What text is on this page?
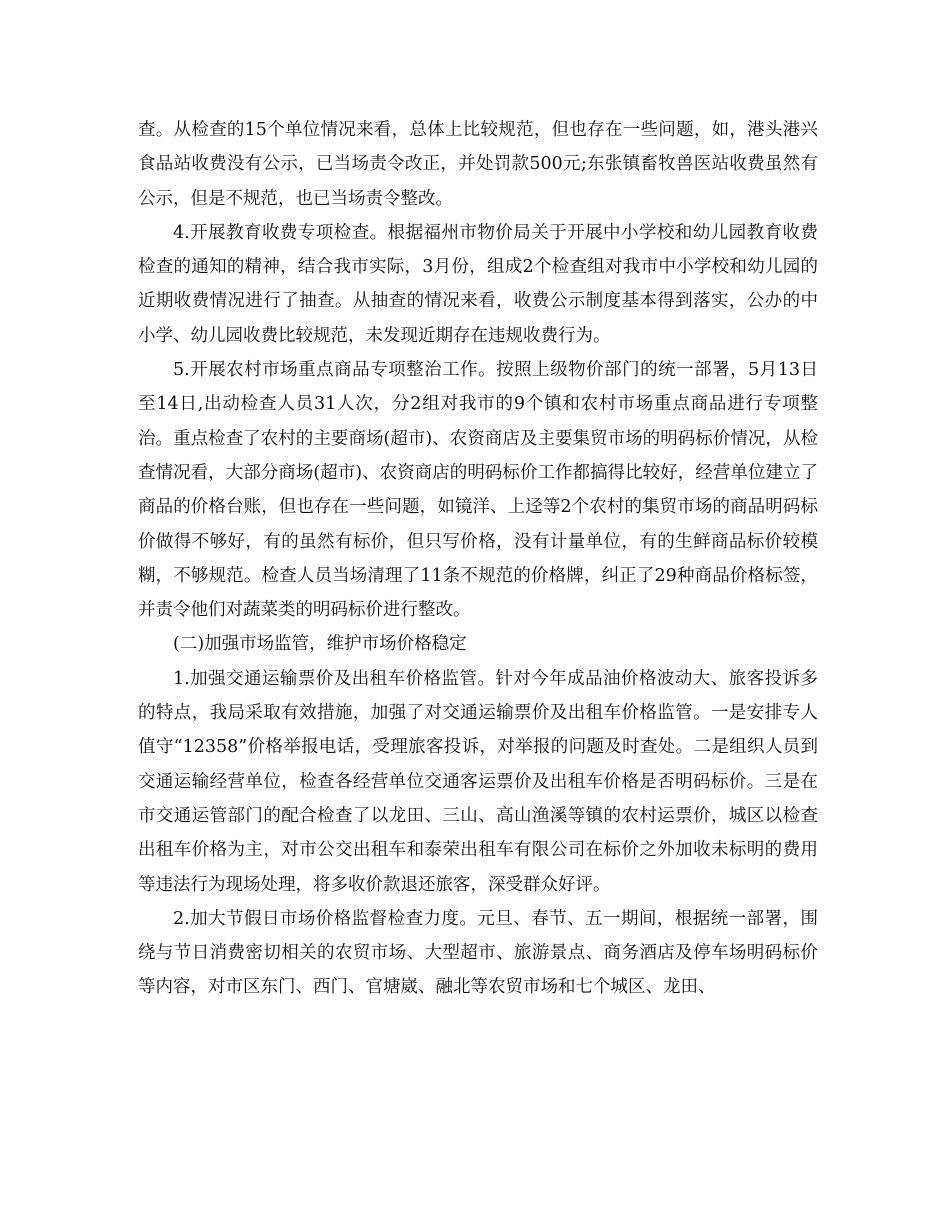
查。从检查的15个单位情况来看，总体上比较规范，但也存在一些问题，如，港头港兴食品站收费没有公示，已当场责令改正，并处罚款500元;东张镇畜牧兽医站收费虽然有公示，但是不规范，也已当场责令整改。

4.开展教育收费专项检查。根据福州市物价局关于开展中小学校和幼儿园教育收费检查的通知的精神，结合我市实际，3月份，组成2个检查组对我市中小学校和幼儿园的近期收费情况进行了抽查。从抽查的情况来看，收费公示制度基本得到落实，公办的中小学、幼儿园收费比较规范，未发现近期存在违规收费行为。

5.开展农村市场重点商品专项整治工作。按照上级物价部门的统一部署，5月13日至14日,出动检查人员31人次，分2组对我市的9个镇和农村市场重点商品进行专项整治。重点检查了农村的主要商场(超市)、农资商店及主要集贸市场的明码标价情况，从检查情况看，大部分商场(超市)、农资商店的明码标价工作都搞得比较好，经营单位建立了商品的价格台账，但也存在一些问题，如镜洋、上迳等2个农村的集贸市场的商品明码标价做得不够好，有的虽然有标价，但只写价格，没有计量单位，有的生鲜商品标价较模糊，不够规范。检查人员当场清理了11条不规范的价格牌，纠正了29种商品价格标签，并责令他们对蔬菜类的明码标价进行整改。

(二)加强市场监管，维护市场价格稳定

1.加强交通运输票价及出租车价格监管。针对今年成品油价格波动大、旅客投诉多的特点，我局采取有效措施，加强了对交通运输票价及出租车价格监管。一是安排专人值守“12358”价格举报电话，受理旅客投诉，对举报的问题及时查处。二是组织人员到交通运输经营单位，检查各经营单位交通客运票价及出租车价格是否明码标价。三是在市交通运管部门的配合检查了以龙田、三山、高山渔溪等镇的农村运票价，城区以检查出租车价格为主，对市公交出租车和泰荣出租车有限公司在标价之外加收未标明的费用等违法行为现场处理，将多收价款退还旅客，深受群众好评。

2.加大节假日市场价格监督检查力度。元旦、春节、五一期间，根据统一部署，围绕与节日消费密切相关的农贸市场、大型超市、旅游景点、商务酒店及停车场明码标价等内容，对市区东门、西门、官塘崴、融北等农贸市场和七个城区、龙田、
